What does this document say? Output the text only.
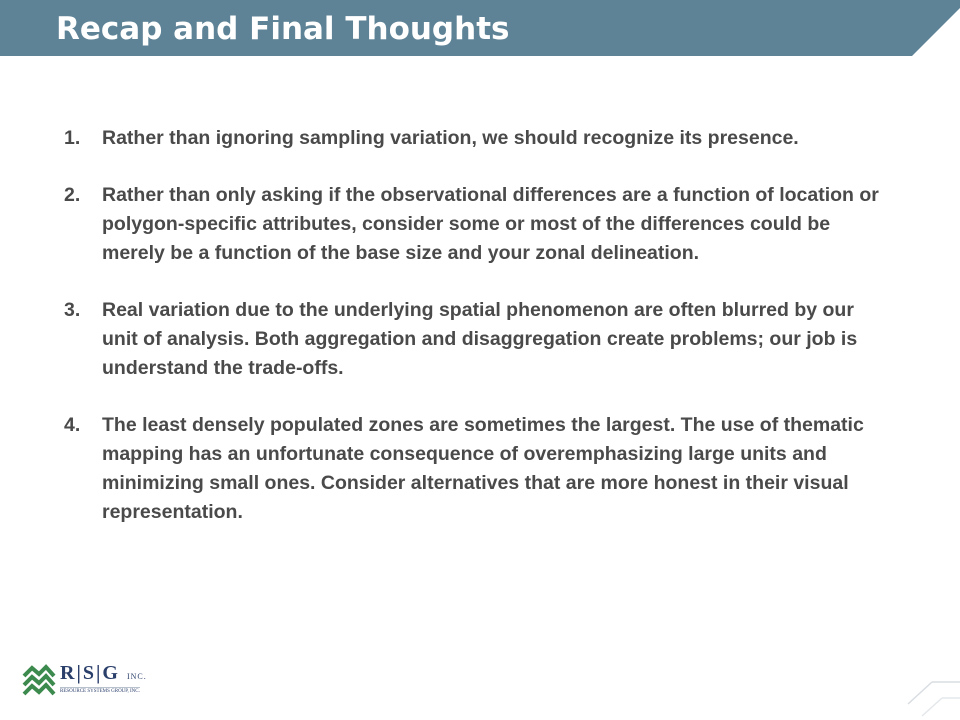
Recap and Final Thoughts
1. Rather than ignoring sampling variation, we should recognize its presence.
2. Rather than only asking if the observational differences are a function of location or polygon-specific attributes, consider some or most of the differences could be merely be a function of the base size and your zonal delineation.
3. Real variation due to the underlying spatial phenomenon are often blurred by our unit of analysis. Both aggregation and disaggregation create problems; our job is understand the trade-offs.
4. The least densely populated zones are sometimes the largest. The use of thematic mapping has an unfortunate consequence of overemphasizing large units and minimizing small ones. Consider alternatives that are more honest in their visual representation.
R|S|G INC.
RESOURCE SYSTEMS GROUP, INC.
